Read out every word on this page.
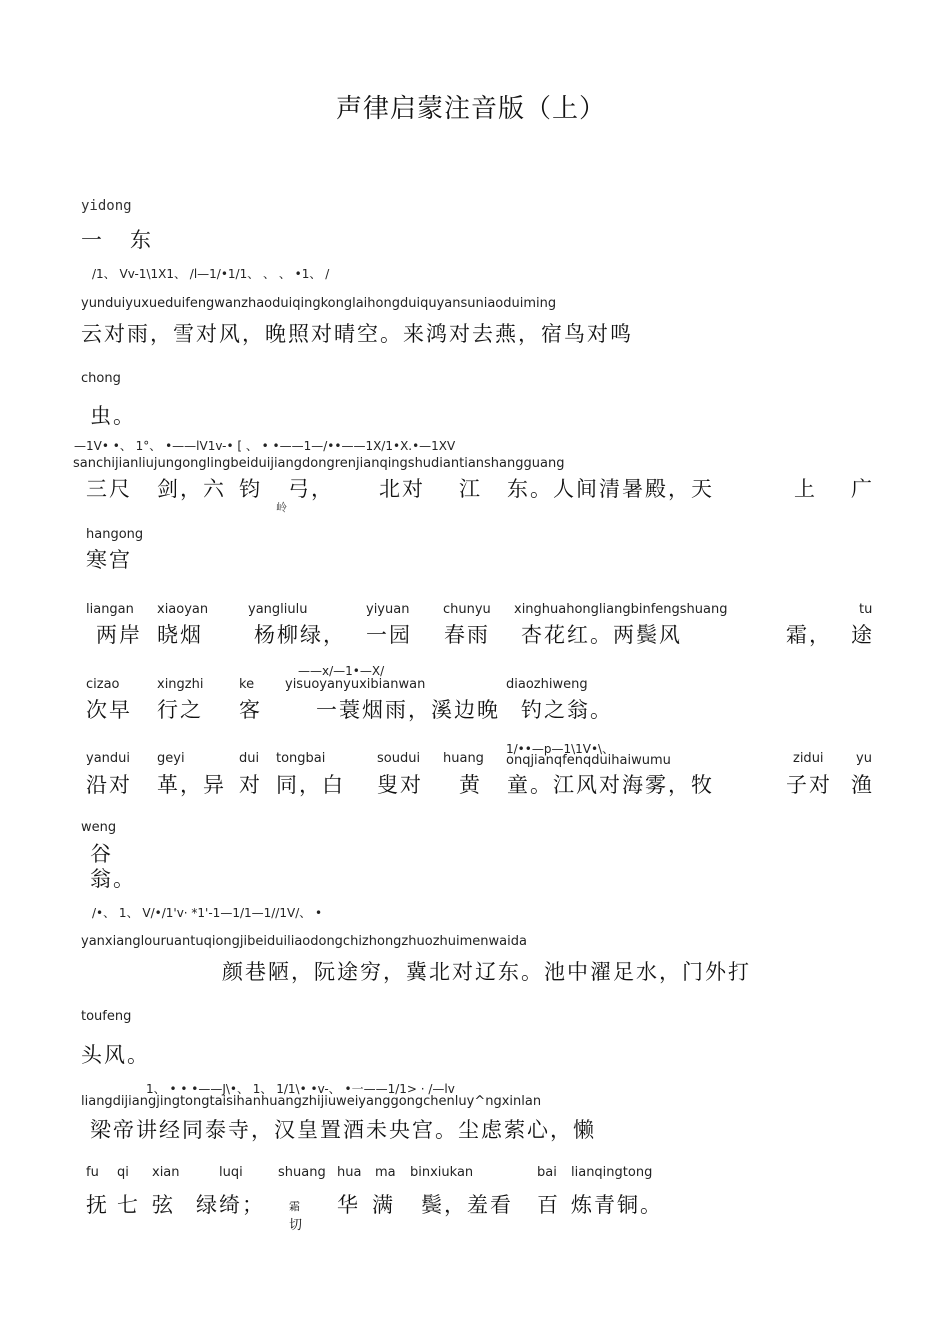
声律启蒙注音版（上）
yidong
一   东
/1、 Vv-1\1X1、 /l—1/•1/1、 、 、 •1、 /
yunduiyuxueduifengwanzhaoduiqingkonglaihongduiquyansuniaoduiming
云对雨，雪对风，晚照对晴空。来鸿对去燕，宿鸟对鸣
chong
虫。
—1V• •、 1°、 •——lV1v-• [ 、 • •——1—/••——1X/1•X.•—1XV
sanchijianliujungonglingbeiduijiangdongrenjianqingshudiantianshangguang
三尺 剑，六 钧 弓， 北对 江 东。人间清暑殿，天	上 广
岭
hangong
寒宫
liangan xiaoyan	yangliulu	yiyuan	chunyu xinghuahongliangbinfengshuang	tu
两岸 晓烟 杨柳绿， 一园 春雨 杏花红。两鬓风	霜， 途
——x/—1•—X/
cizao	xingzhi	ke yisuoyanyuxibianwan	diaozhiweng
次早 行之 客	一蓑烟雨，溪边晚 钓之翁。
1/••—p—1\1V•\、
yandui geyi	dui tongbai	soudui huang onqjianqfenqduihaiwumu	zidui yu
沿对 革，异 对 同，白 叟对 黄 童。江风对海雾，牧	子对 渔
weng
谷
翁。
/•、 1、 V/•/1'v· *1'-1—1/1—1//1V/、 •
yanxianglouruantuqiongjibeiduiliaodongchizhongzhuozhuimenwaida
颜巷陋，阮途穷，冀北对辽东。池中濯足水，门外打
toufeng
头风。
1、 • • •——J\•、 1、 1/1\• •v-、 •一——1/1> · /—lv
liangdijiangjingtongtaisihanhuangzhijiuweiyanggongchenluy^ngxinlan
梁帝讲经同泰寺，汉皇置酒未央宫。尘虑萦心，懒
fu qi xian	luqi	shuang hua ma binxiukan	bai lianqingtong
抚 七 弦 绿绮；	华 满 鬓，羞看 百 炼青铜。
霜
切
